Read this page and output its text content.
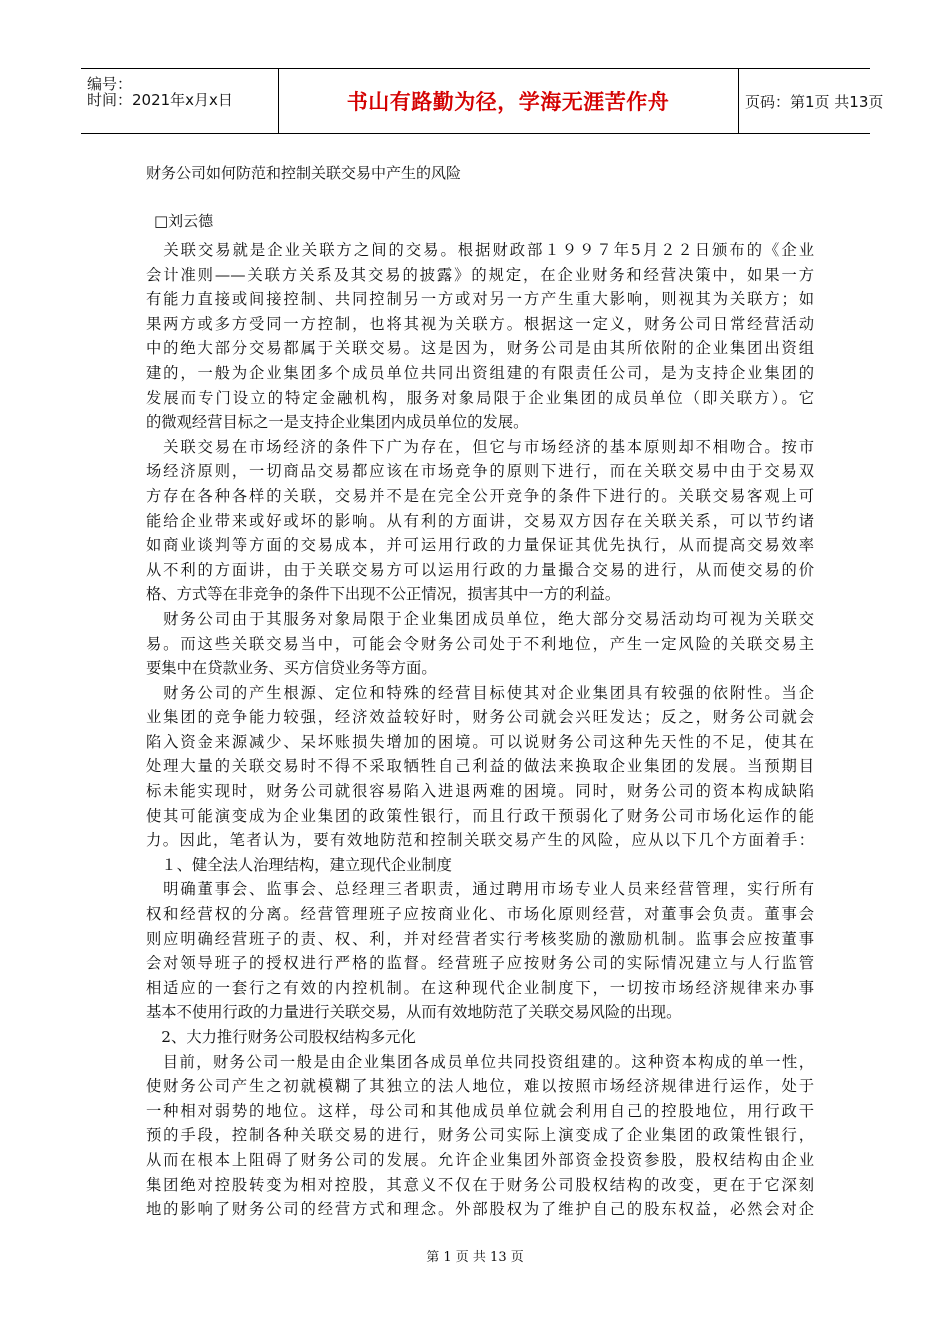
编号：
时间：2021年x月x日	书山有路勤为径，学海无涯苦作舟	页码：第1页 共13页
财务公司如何防范和控制关联交易中产生的风险
□刘云德
　关联交易就是企业关联方之间的交易。根据财政部１９９７年5月２２日颁布的《企业
会计准则——关联方关系及其交易的披露》的规定，在企业财务和经营决策中，如果一方
有能力直接或间接控制、共同控制另一方或对另一方产生重大影响，则视其为关联方；如
果两方或多方受同一方控制，也将其视为关联方。根据这一定义，财务公司日常经营活动
中的绝大部分交易都属于关联交易。这是因为，财务公司是由其所依附的企业集团出资组
建的，一般为企业集团多个成员单位共同出资组建的有限责任公司，是为支持企业集团的
发展而专门设立的特定金融机构，服务对象局限于企业集团的成员单位（即关联方）。它
的微观经营目标之一是支持企业集团内成员单位的发展。
　关联交易在市场经济的条件下广为存在，但它与市场经济的基本原则却不相吻合。按市
场经济原则，一切商品交易都应该在市场竞争的原则下进行，而在关联交易中由于交易双
方存在各种各样的关联，交易并不是在完全公开竞争的条件下进行的。关联交易客观上可
能给企业带来或好或坏的影响。从有利的方面讲，交易双方因存在关联关系，可以节约诸
如商业谈判等方面的交易成本，并可运用行政的力量保证其优先执行，从而提高交易效率
从不利的方面讲，由于关联交易方可以运用行政的力量撮合交易的进行，从而使交易的价
格、方式等在非竞争的条件下出现不公正情况，损害其中一方的利益。
　财务公司由于其服务对象局限于企业集团成员单位，绝大部分交易活动均可视为关联交
易。而这些关联交易当中，可能会令财务公司处于不利地位，产生一定风险的关联交易主
要集中在贷款业务、买方信贷业务等方面。
　财务公司的产生根源、定位和特殊的经营目标使其对企业集团具有较强的依附性。当企
业集团的竞争能力较强，经济效益较好时，财务公司就会兴旺发达；反之，财务公司就会
陷入资金来源减少、呆坏账损失增加的困境。可以说财务公司这种先天性的不足，使其在
处理大量的关联交易时不得不采取牺牲自己利益的做法来换取企业集团的发展。当预期目
标未能实现时，财务公司就很容易陷入进退两难的困境。同时，财务公司的资本构成缺陷
使其可能演变成为企业集团的政策性银行，而且行政干预弱化了财务公司市场化运作的能
力。因此，笔者认为，要有效地防范和控制关联交易产生的风险，应从以下几个方面着手：
　１、健全法人治理结构，建立现代企业制度
　明确董事会、监事会、总经理三者职责，通过聘用市场专业人员来经营管理，实行所有
权和经营权的分离。经营管理班子应按商业化、市场化原则经营，对董事会负责。董事会
则应明确经营班子的责、权、利，并对经营者实行考核奖励的激励机制。监事会应按董事
会对领导班子的授权进行严格的监督。经营班子应按财务公司的实际情况建立与人行监管
相适应的一套行之有效的内控机制。在这种现代企业制度下，一切按市场经济规律来办事
基本不使用行政的力量进行关联交易，从而有效地防范了关联交易风险的出现。
　2、大力推行财务公司股权结构多元化
　目前，财务公司一般是由企业集团各成员单位共同投资组建的。这种资本构成的单一性，
使财务公司产生之初就模糊了其独立的法人地位，难以按照市场经济规律进行运作，处于
一种相对弱势的地位。这样，母公司和其他成员单位就会利用自己的控股地位，用行政干
预的手段，控制各种关联交易的进行，财务公司实际上演变成了企业集团的政策性银行，
从而在根本上阻碍了财务公司的发展。允许企业集团外部资金投资参股，股权结构由企业
集团绝对控股转变为相对控股，其意义不仅在于财务公司股权结构的改变，更在于它深刻
地的影响了财务公司的经营方式和理念。外部股权为了维护自己的股东权益，必然会对企
第 1 页 共 13 页
